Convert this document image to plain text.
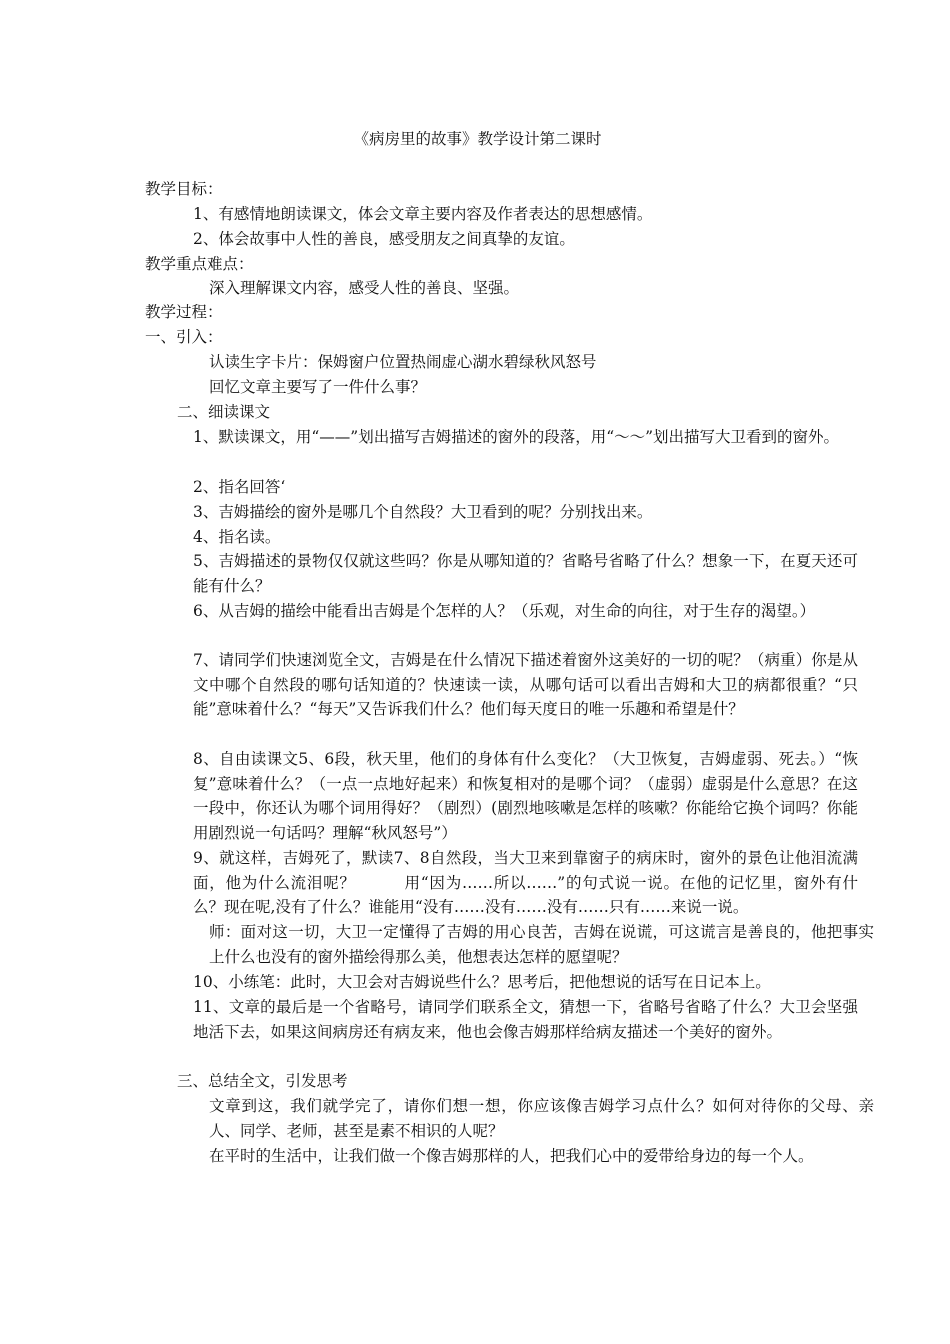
《病房里的故事》教学设计第二课时
教学目标：
1、有感情地朗读课文，体会文章主要内容及作者表达的思想感情。
2、体会故事中人性的善良，感受朋友之间真挚的友谊。
教学重点难点：
深入理解课文内容，感受人性的善良、坚强。
教学过程：
一、引入：
认读生字卡片：保姆窗户位置热闹虚心湖水碧绿秋风怒号
回忆文章主要写了一件什么事？
二、细读课文
1、默读课文，用“——”划出描写吉姆描述的窗外的段落，用“～～”划出描写大卫看到的窗外。
2、指名回答‘
3、吉姆描绘的窗外是哪几个自然段？大卫看到的呢？分别找出来。
4、指名读。
5、吉姆描述的景物仅仅就这些吗？你是从哪知道的？省略号省略了什么？想象一下，在夏天还可能有什么？
6、从吉姆的描绘中能看出吉姆是个怎样的人？（乐观，对生命的向往，对于生存的渴望。）
7、请同学们快速浏览全文，吉姆是在什么情况下描述着窗外这美好的一切的呢？（病重）你是从文中哪个自然段的哪句话知道的？快速读一读，从哪句话可以看出吉姆和大卫的病都很重？“只能”意味着什么？“每天”又告诉我们什么？他们每天度日的唯一乐趣和希望是什？
8、自由读课文5、6段，秋天里，他们的身体有什么变化？（大卫恢复，吉姆虚弱、死去。）“恢复”意味着什么？（一点一点地好起来）和恢复相对的是哪个词？（虚弱）虚弱是什么意思？在这一段中，你还认为哪个词用得好？（剧烈）(剧烈地咳嗽是怎样的咳嗽？你能给它换个词吗？你能用剧烈说一句话吗？理解“秋风怒号”）
9、就这样，吉姆死了，默读7、8自然段，当大卫来到靠窗子的病床时，窗外的景色让他泪流满面，他为什么流泪呢？　　　用“因为……所以……”的句式说一说。在他的记忆里，窗外有什么？现在呢,没有了什么？谁能用“没有……没有……没有……只有……来说一说。
师：面对这一切，大卫一定懂得了吉姆的用心良苦，吉姆在说谎，可这谎言是善良的，他把事实上什么也没有的窗外描绘得那么美，他想表达怎样的愿望呢？
10、小练笔：此时，大卫会对吉姆说些什么？思考后，把他想说的话写在日记本上。
11、文章的最后是一个省略号，请同学们联系全文，猜想一下，省略号省略了什么？大卫会坚强地活下去，如果这间病房还有病友来，他也会像吉姆那样给病友描述一个美好的窗外。
三、总结全文，引发思考
文章到这，我们就学完了，请你们想一想，你应该像吉姆学习点什么？如何对待你的父母、亲人、同学、老师，甚至是素不相识的人呢？
在平时的生活中，让我们做一个像吉姆那样的人，把我们心中的爱带给身边的每一个人。
